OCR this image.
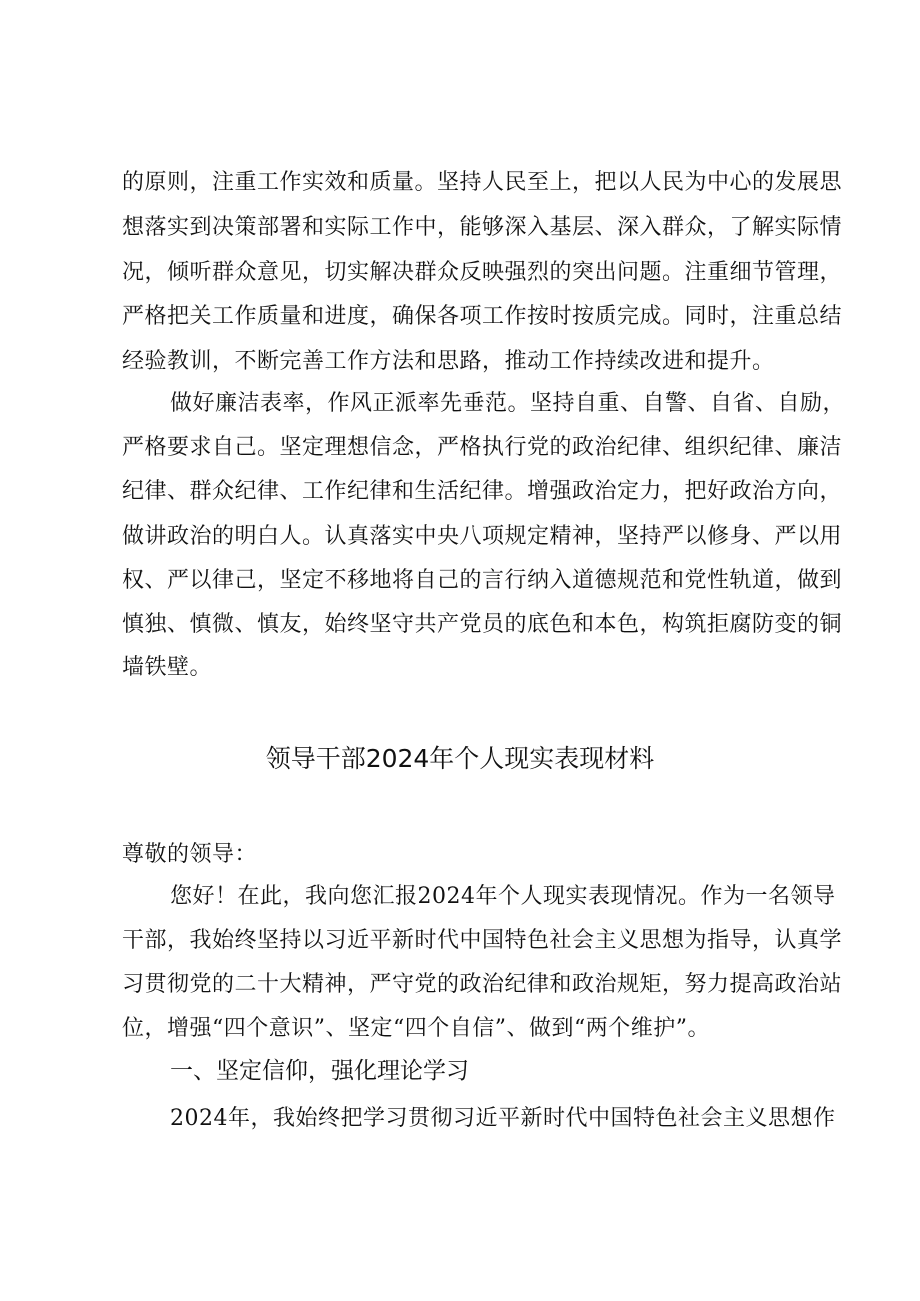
的原则，注重工作实效和质量。坚持人民至上，把以人民为中心的发展思
想落实到决策部署和实际工作中，能够深入基层、深入群众，了解实际情
况，倾听群众意见，切实解决群众反映强烈的突出问题。注重细节管理，
严格把关工作质量和进度，确保各项工作按时按质完成。同时，注重总结
经验教训，不断完善工作方法和思路，推动工作持续改进和提升。
做好廉洁表率，作风正派率先垂范。坚持自重、自警、自省、自励，
严格要求自己。坚定理想信念，严格执行党的政治纪律、组织纪律、廉洁
纪律、群众纪律、工作纪律和生活纪律。增强政治定力，把好政治方向，
做讲政治的明白人。认真落实中央八项规定精神，坚持严以修身、严以用
权、严以律己，坚定不移地将自己的言行纳入道德规范和党性轨道，做到
慎独、慎微、慎友，始终坚守共产党员的底色和本色，构筑拒腐防变的铜
墙铁壁。
领导干部2024年个人现实表现材料
尊敬的领导：
您好！在此，我向您汇报2024年个人现实表现情况。作为一名领导
干部，我始终坚持以习近平新时代中国特色社会主义思想为指导，认真学
习贯彻党的二十大精神，严守党的政治纪律和政治规矩，努力提高政治站
位，增强“四个意识”、坚定“四个自信”、做到“两个维护”。
一、坚定信仰，强化理论学习
2024年，我始终把学习贯彻习近平新时代中国特色社会主义思想作
